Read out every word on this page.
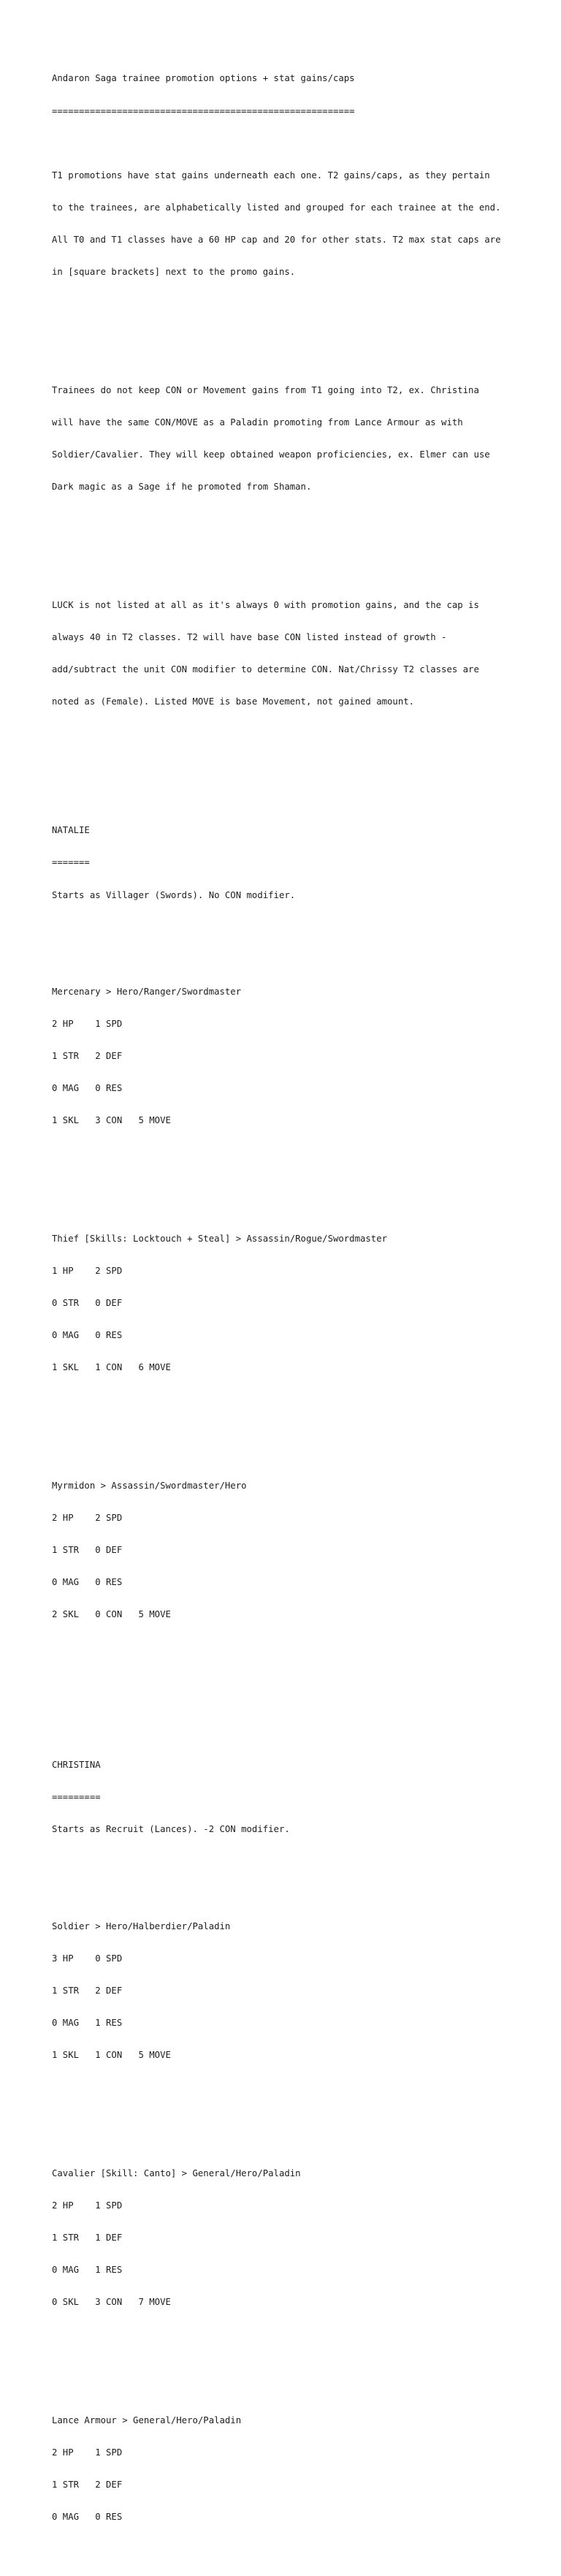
Andaron Saga trainee promotion options + stat gains/caps

========================================================

T1 promotions have stat gains underneath each one. T2 gains/caps, as they pertain

to the trainees, are alphabetically listed and grouped for each trainee at the end.

All T0 and T1 classes have a 60 HP cap and 20 for other stats. T2 max stat caps are

in [square brackets] next to the promo gains.

Trainees do not keep CON or Movement gains from T1 going into T2, ex. Christina

will have the same CON/MOVE as a Paladin promoting from Lance Armour as with

Soldier/Cavalier. They will keep obtained weapon proficiencies, ex. Elmer can use

Dark magic as a Sage if he promoted from Shaman.

LUCK is not listed at all as it's always 0 with promotion gains, and the cap is

always 40 in T2 classes. T2 will have base CON listed instead of growth -

add/subtract the unit CON modifier to determine CON. Nat/Chrissy T2 classes are

noted as (Female). Listed MOVE is base Movement, not gained amount.

NATALIE

=======

Starts as Villager (Swords). No CON modifier.

Mercenary > Hero/Ranger/Swordmaster

2 HP    1 SPD

1 STR   2 DEF

0 MAG   0 RES

1 SKL   3 CON   5 MOVE

Thief [Skills: Locktouch + Steal] > Assassin/Rogue/Swordmaster

1 HP    2 SPD

0 STR   0 DEF

0 MAG   0 RES

1 SKL   1 CON   6 MOVE

Myrmidon > Assassin/Swordmaster/Hero

2 HP    2 SPD

1 STR   0 DEF

0 MAG   0 RES

2 SKL   0 CON   5 MOVE

CHRISTINA

=========

Starts as Recruit (Lances). -2 CON modifier.

Soldier > Hero/Halberdier/Paladin

3 HP    0 SPD

1 STR   2 DEF

0 MAG   1 RES

1 SKL   1 CON   5 MOVE

Cavalier [Skill: Canto] > General/Hero/Paladin

2 HP    1 SPD

1 STR   1 DEF

0 MAG   1 RES

0 SKL   3 CON   7 MOVE

Lance Armour > General/Hero/Paladin

2 HP    1 SPD

1 STR   2 DEF

0 MAG   0 RES
